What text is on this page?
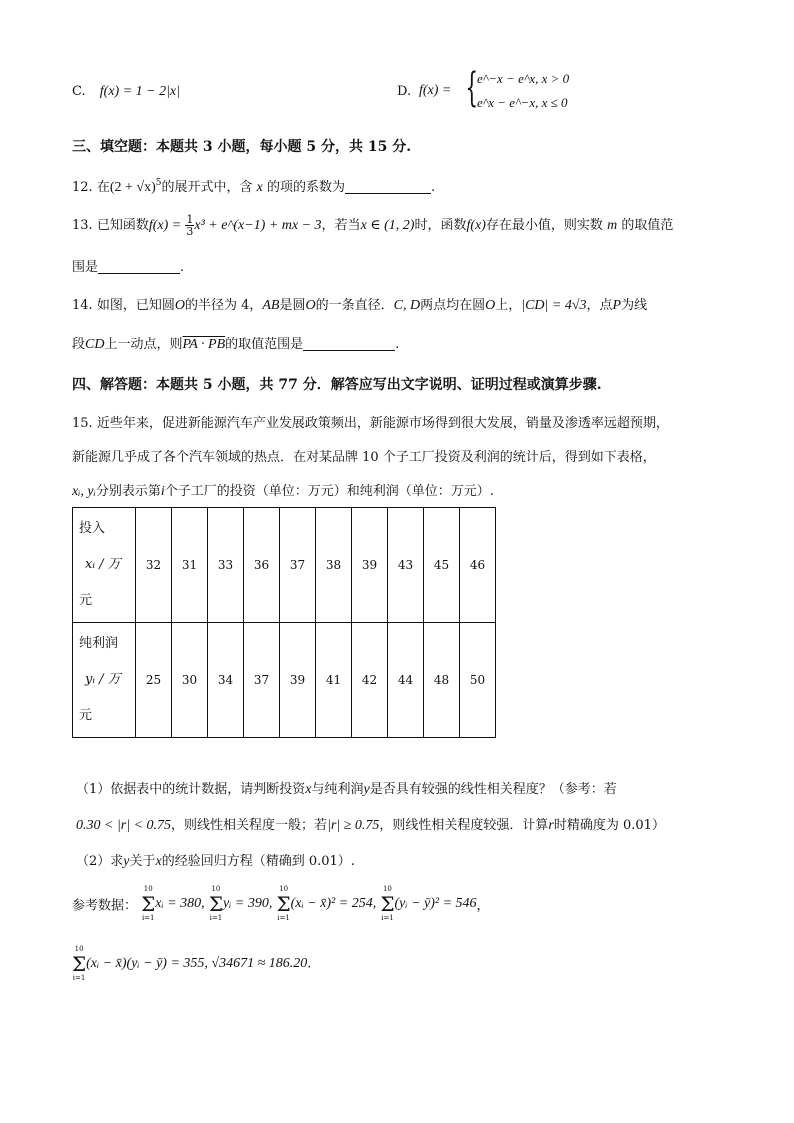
C. f(x) = 1 − 2|x|	D. f(x) = {
e^−x − e^x, x > 0
e^x − e^−x, x ≤ 0
三、填空题：本题共 3 小题，每小题 5 分，共 15 分.
12. 在$(2 + √x)^5$的展开式中，含 x 的项的系数为	.
13. 已知函数$f(x) = \frac{1}{3} x^3$ + e^(x−1) + mx − 3，若当x ∈ (1, 2)时，函数f(x)存在最小值，则实数 m 的取值范
围是	.
14. 如图，已知圆O的半径为 4，AB是圆O的一条直径．C, D两点均在圆O上，|CD| = 4√3，点P为线
段CD上一动点，则PA · PB的取值范围是	.
四、解答题：本题共 5 小题，共 77 分．解答应写出文字说明、证明过程或演算步骤.
15. 近些年来，促进新能源汽车产业发展政策频出，新能源市场得到很大发展，销量及渗透率远超预期，
新能源几乎成了各个汽车领域的热点．在对某品牌 10 个子工厂投资及利润的统计后，得到如下表格，
xᵢ, yᵢ分别表示第i个子工厂的投资（单位：万元）和纯利润（单位：万元）.
投入
xᵢ / 万
元	32	31	33	36	37	38	39	43	45	46

纯利润
yᵢ / 万
元	25	30	34	37	39	41	42	44	48	50
（1）依据表中的统计数据，请判断投资x与纯利润y是否具有较强的线性相关程度？（参考：若
0.30 < |r| < 0.75，则线性相关程度一般；若|r| ≥ 0.75，则线性相关程度较强．计算r时精确度为 0.01）
（2）求y关于x的经验回归方程（精确到 0.01）.
参考数据：
10
Σ
i=1
xᵢ = 380,
10
Σ
i=1
yᵢ = 390,
10
Σ
i=1
(xᵢ − x̄)² = 254,
10
Σ
i=1
(yᵢ − ȳ)² = 546，
10
Σ
i=1
(xᵢ − x̄)(yᵢ − ȳ) = 355, √34671 ≈ 186.20.
